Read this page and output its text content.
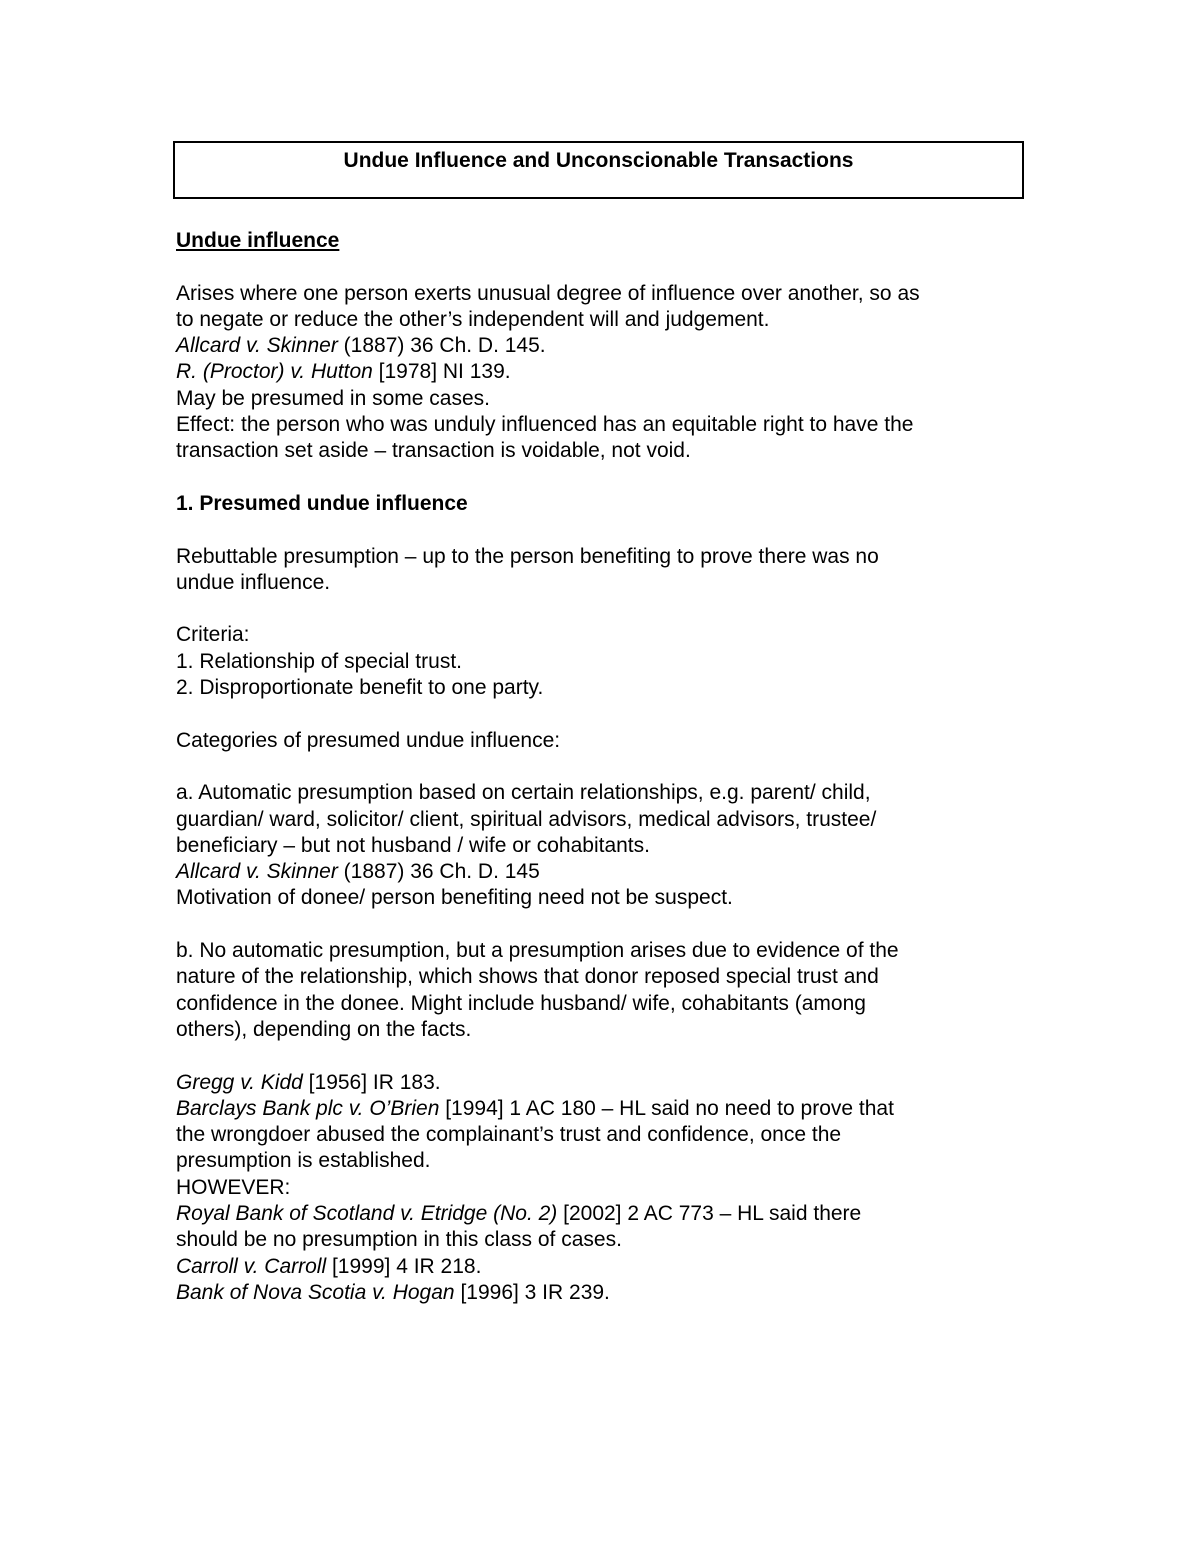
Undue Influence and Unconscionable Transactions
Undue influence
Arises where one person exerts unusual degree of influence over another, so as
to negate or reduce the other’s independent will and judgement.
Allcard v. Skinner (1887) 36 Ch. D. 145.
R. (Proctor) v. Hutton [1978] NI 139.
May be presumed in some cases.
Effect: the person who was unduly influenced has an equitable right to have the
transaction set aside – transaction is voidable, not void.
1. Presumed undue influence
Rebuttable presumption – up to the person benefiting to prove there was no
undue influence.
Criteria:
1. Relationship of special trust.
2. Disproportionate benefit to one party.
Categories of presumed undue influence:
a. Automatic presumption based on certain relationships, e.g. parent/ child,
guardian/ ward, solicitor/ client, spiritual advisors, medical advisors, trustee/
beneficiary – but not husband / wife or cohabitants.
Allcard v. Skinner (1887) 36 Ch. D. 145
Motivation of donee/ person benefiting need not be suspect.
b. No automatic presumption, but a presumption arises due to evidence of the
nature of the relationship, which shows that donor reposed special trust and
confidence in the donee. Might include husband/ wife, cohabitants (among
others), depending on the facts.
Gregg v. Kidd [1956] IR 183.
Barclays Bank plc v. O’Brien [1994] 1 AC 180 – HL said no need to prove that
the wrongdoer abused the complainant’s trust and confidence, once the
presumption is established.
HOWEVER:
Royal Bank of Scotland v. Etridge (No. 2) [2002] 2 AC 773 – HL said there
should be no presumption in this class of cases.
Carroll v. Carroll [1999] 4 IR 218.
Bank of Nova Scotia v. Hogan [1996] 3 IR 239.
